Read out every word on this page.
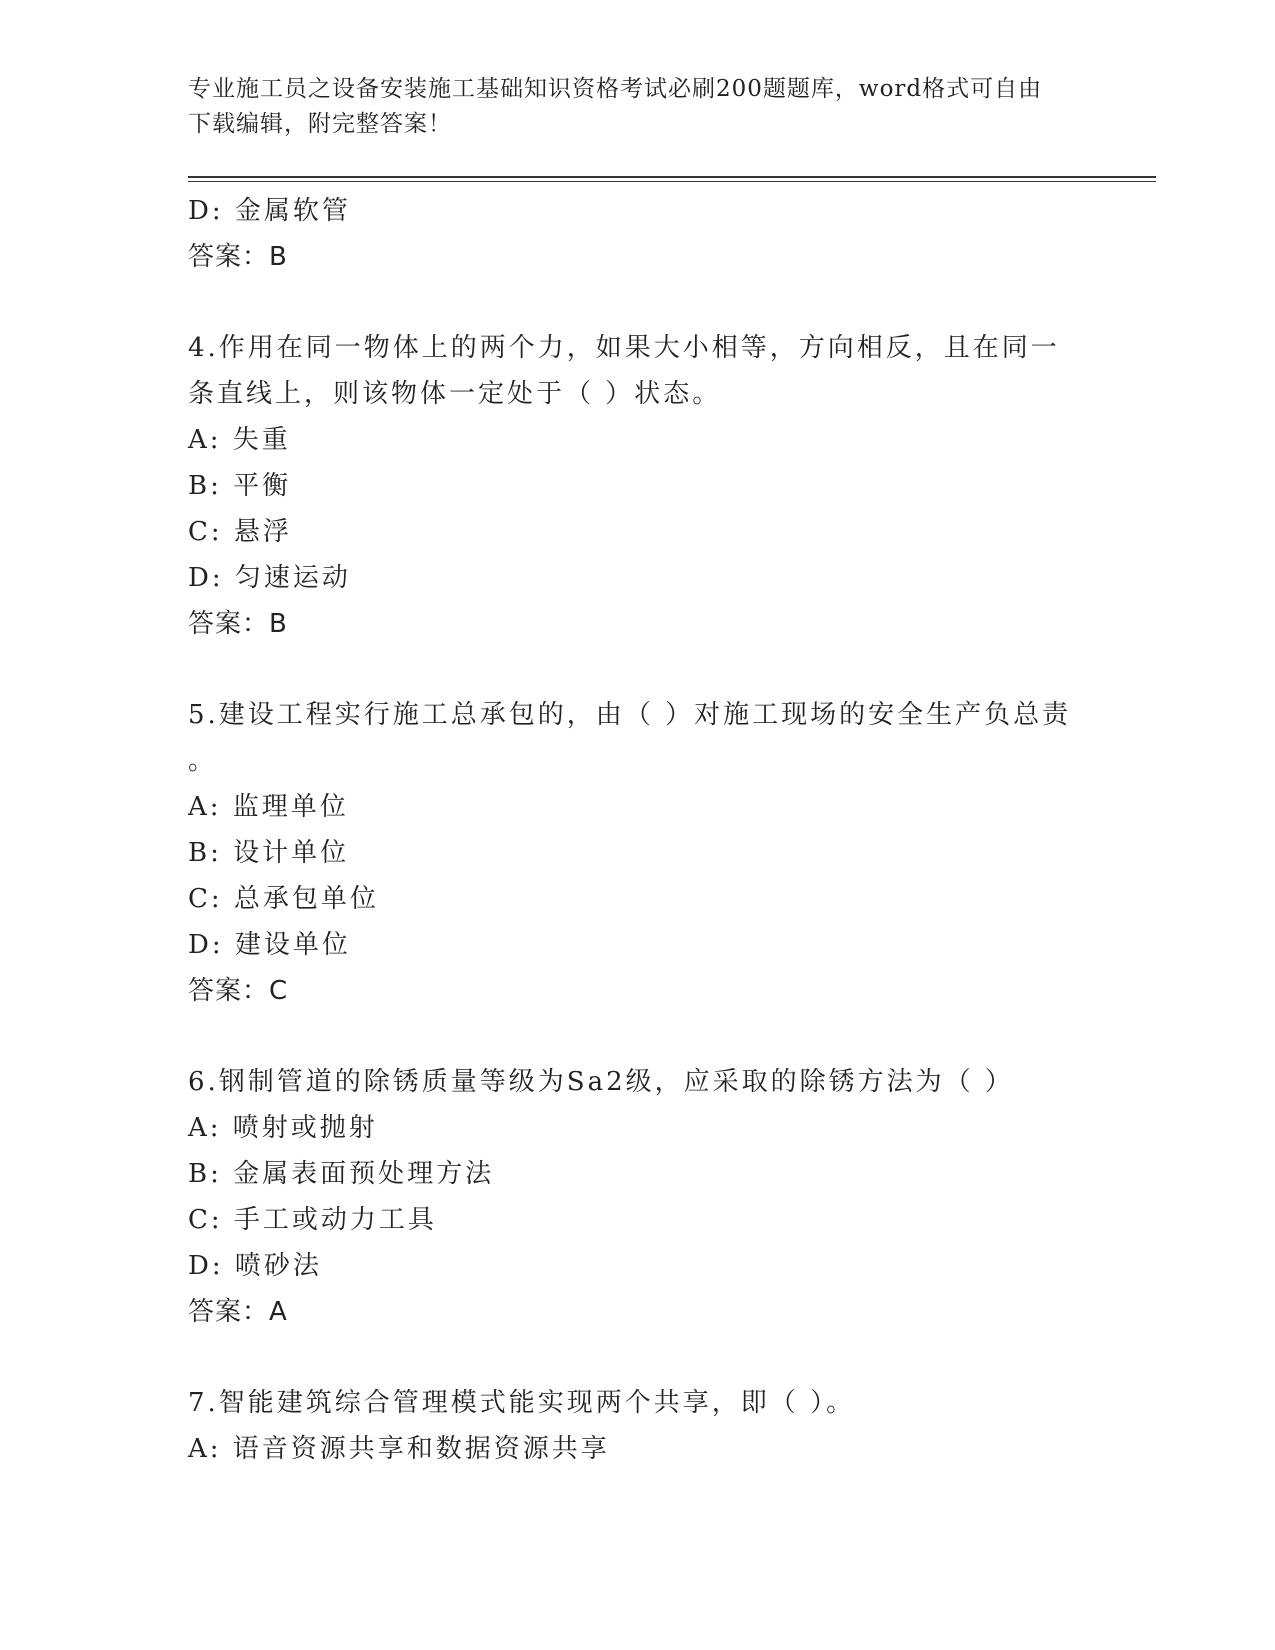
专业施工员之设备安装施工基础知识资格考试必刷200题题库，word格式可自由
下载编辑，附完整答案！
D: 金属软管
答案：B
4.作用在同一物体上的两个力，如果大小相等，方向相反，且在同一
条直线上，则该物体一定处于（ ）状态。
A: 失重
B: 平衡
C: 悬浮
D: 匀速运动
答案：B
5.建设工程实行施工总承包的，由（ ）对施工现场的安全生产负总责
。
A: 监理单位
B: 设计单位
C: 总承包单位
D: 建设单位
答案：C
6.钢制管道的除锈质量等级为Sa2级，应采取的除锈方法为（ ）
A: 喷射或抛射
B: 金属表面预处理方法
C: 手工或动力工具
D: 喷砂法
答案：A
7.智能建筑综合管理模式能实现两个共享，即（ ）。
A: 语音资源共享和数据资源共享
